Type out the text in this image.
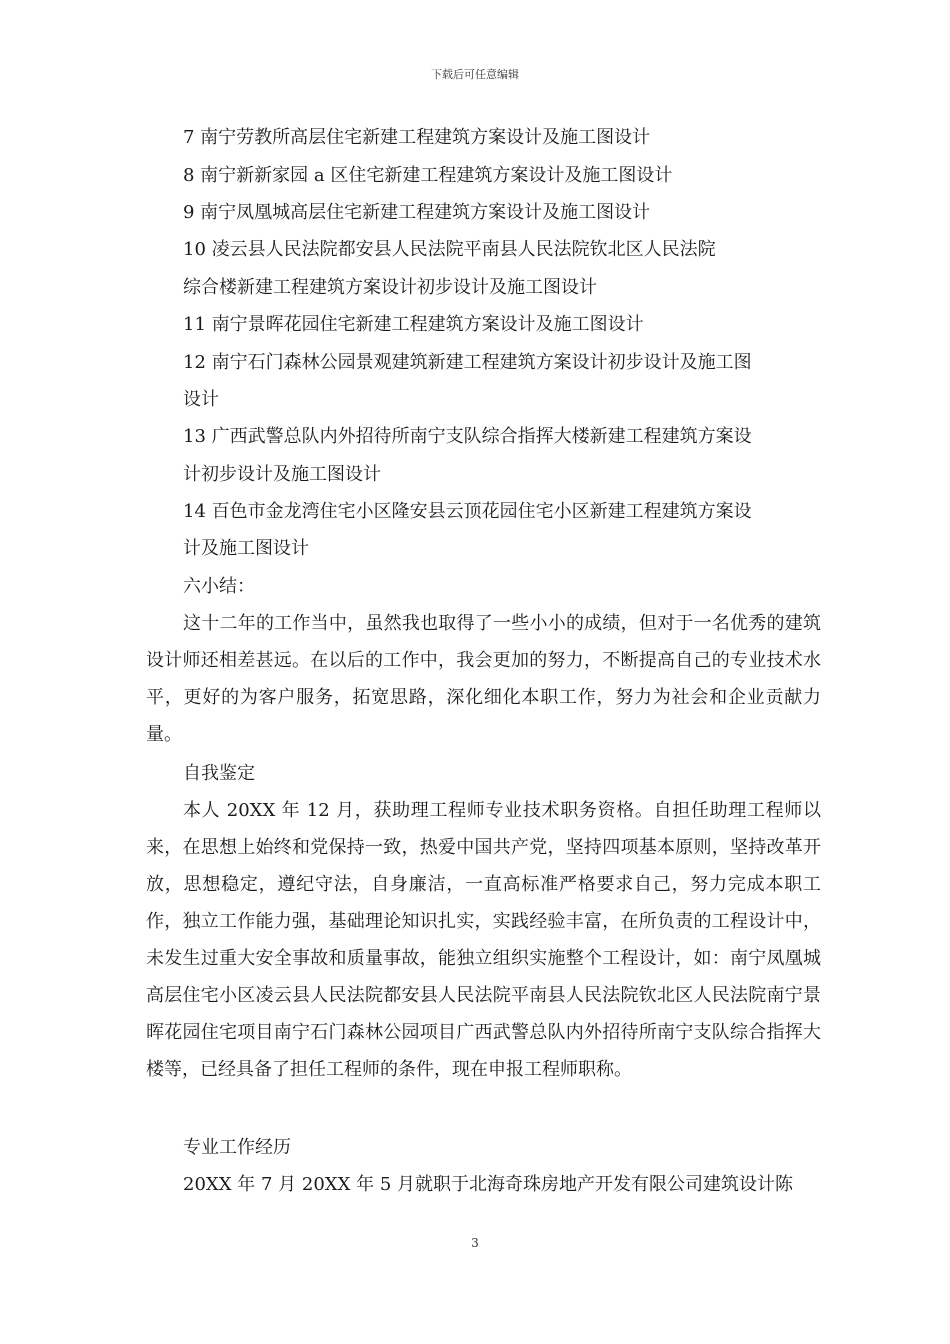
下载后可任意编辑
7 南宁劳教所高层住宅新建工程建筑方案设计及施工图设计
8 南宁新新家园 a 区住宅新建工程建筑方案设计及施工图设计
9 南宁凤凰城高层住宅新建工程建筑方案设计及施工图设计
10 凌云县人民法院都安县人民法院平南县人民法院钦北区人民法院
综合楼新建工程建筑方案设计初步设计及施工图设计
11 南宁景晖花园住宅新建工程建筑方案设计及施工图设计
12 南宁石门森林公园景观建筑新建工程建筑方案设计初步设计及施工图
设计
13 广西武警总队内外招待所南宁支队综合指挥大楼新建工程建筑方案设
计初步设计及施工图设计
14 百色市金龙湾住宅小区隆安县云顶花园住宅小区新建工程建筑方案设
计及施工图设计
六小结：
这十二年的工作当中，虽然我也取得了一些小小的成绩，但对于一名优秀的建筑设计师还相差甚远。在以后的工作中，我会更加的努力，不断提高自己的专业技术水平，更好的为客户服务，拓宽思路，深化细化本职工作，努力为社会和企业贡献力量。
自我鉴定
本人 20XX 年 12 月，获助理工程师专业技术职务资格。自担任助理工程师以来，在思想上始终和党保持一致，热爱中国共产党，坚持四项基本原则，坚持改革开放，思想稳定，遵纪守法，自身廉洁，一直高标准严格要求自己，努力完成本职工作，独立工作能力强，基础理论知识扎实，实践经验丰富，在所负责的工程设计中，未发生过重大安全事故和质量事故，能独立组织实施整个工程设计，如：南宁凤凰城高层住宅小区凌云县人民法院都安县人民法院平南县人民法院钦北区人民法院南宁景晖花园住宅项目南宁石门森林公园项目广西武警总队内外招待所南宁支队综合指挥大楼等，已经具备了担任工程师的条件，现在申报工程师职称。
专业工作经历
20XX 年 7 月 20XX 年 5 月就职于北海奇珠房地产开发有限公司建筑设计陈
3
